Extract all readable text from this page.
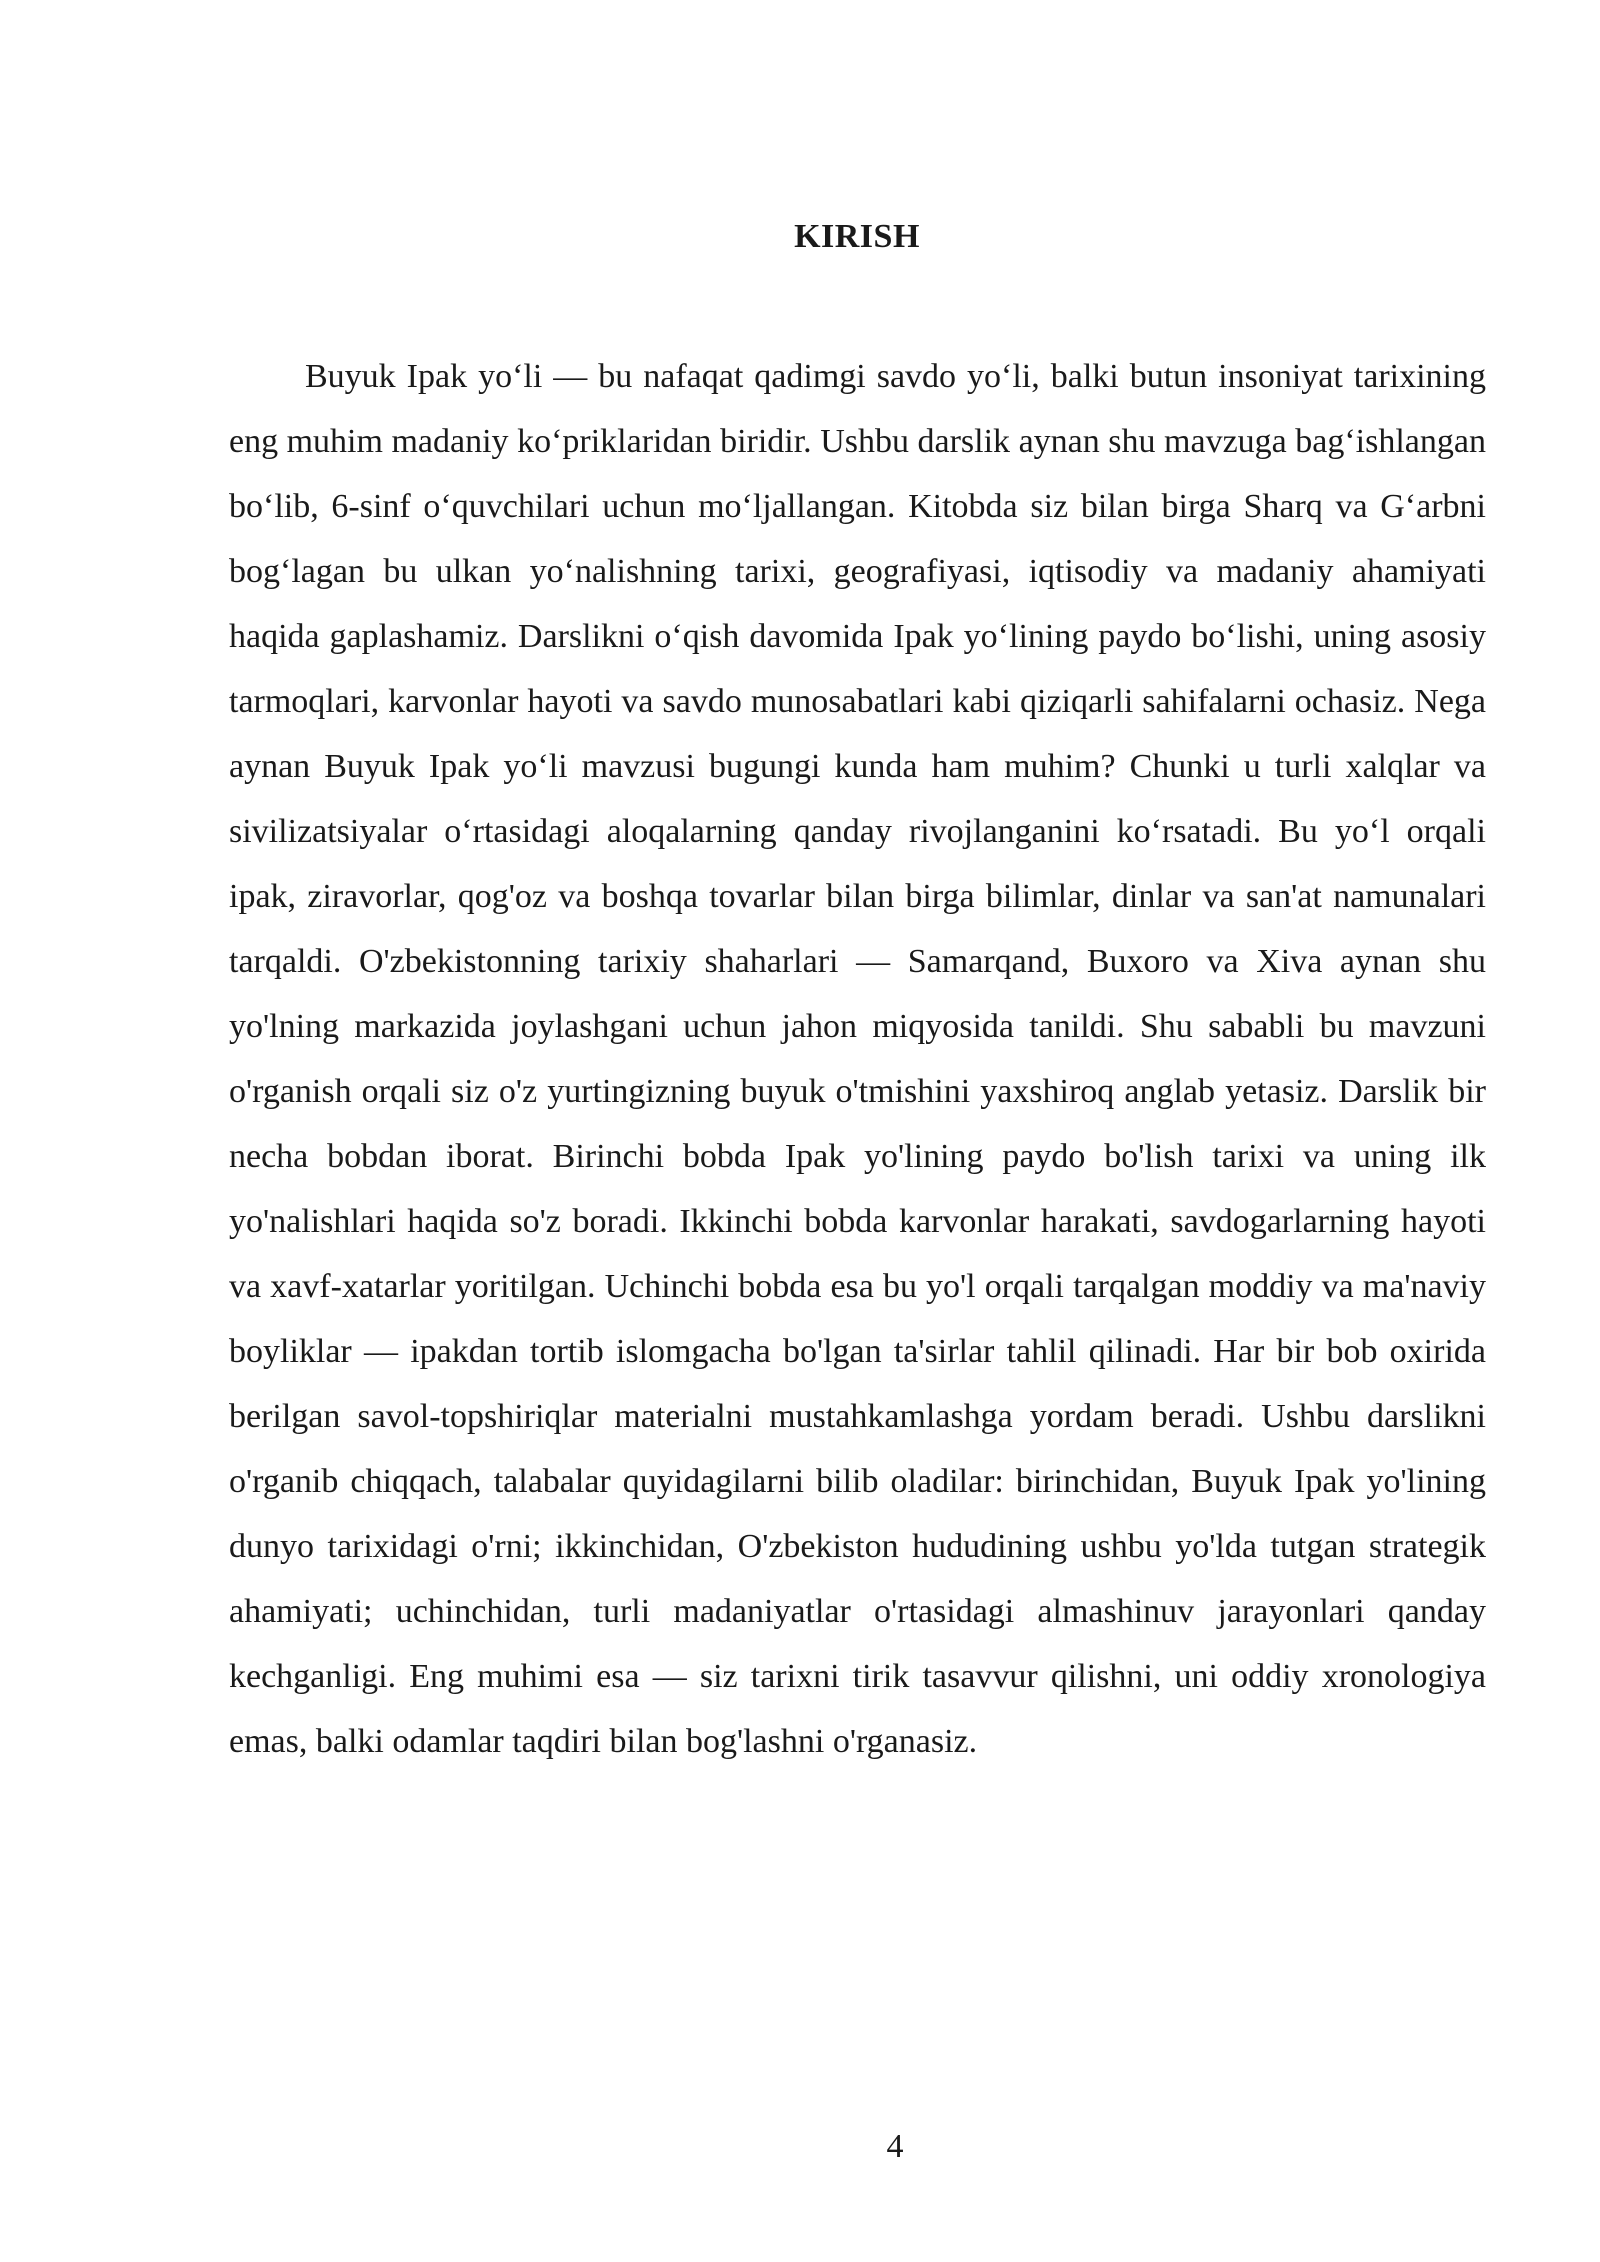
KIRISH

Buyuk Ipak yo‘li — bu nafaqat qadimgi savdo yo‘li, balki butun insoniyat tarixining eng muhim madaniy ko‘priklaridan biridir. Ushbu darslik aynan shu mavzuga bag‘ishlangan bo‘lib, 6-sinf o‘quvchilari uchun mo‘ljallangan. Kitobda siz bilan birga Sharq va G‘arbni bog‘lagan bu ulkan yo‘nalishning tarixi, geografiyasi, iqtisodiy va madaniy ahamiyati haqida gaplashamiz. Darslikni o‘qish davomida Ipak yo‘lining paydo bo‘lishi, uning asosiy tarmoqlari, karvonlar hayoti va savdo munosabatlari kabi qiziqarli sahifalarni ochasiz. Nega aynan Buyuk Ipak yo‘li mavzusi bugungi kunda ham muhim? Chunki u turli xalqlar va sivilizatsiyalar o‘rtasidagi aloqalarning qanday rivojlanganini ko‘rsatadi. Bu yo‘l orqali ipak, ziravorlar, qog'oz va boshqa tovarlar bilan birga bilimlar, dinlar va san'at namunalari tarqaldi. O'zbekistonning tarixiy shaharlari — Samarqand, Buxoro va Xiva aynan shu yo'lning markazida joylashgani uchun jahon miqyosida tanildi. Shu sababli bu mavzuni o'rganish orqali siz o'z yurtingizning buyuk o'tmishini yaxshiroq anglab yetasiz. Darslik bir necha bobdan iborat. Birinchi bobda Ipak yo'lining paydo bo'lish tarixi va uning ilk yo'nalishlari haqida so'z boradi. Ikkinchi bobda karvonlar harakati, savdogarlarning hayoti va xavf-xatarlar yoritilgan. Uchinchi bobda esa bu yo'l orqali tarqalgan moddiy va ma'naviy boyliklar — ipakdan tortib islomgacha bo'lgan ta'sirlar tahlil qilinadi. Har bir bob oxirida berilgan savol-topshiriqlar materialni mustahkamlashga yordam beradi. Ushbu darslikni o'rganib chiqqach, talabalar quyidagilarni bilib oladilar: birinchidan, Buyuk Ipak yo'lining dunyo tarixidagi o'rni; ikkinchidan, O'zbekiston hududining ushbu yo'lda tutgan strategik ahamiyati; uchinchidan, turli madaniyatlar o'rtasidagi almashinuv jarayonlari qanday kechganligi. Eng muhimi esa — siz tarixni tirik tasavvur qilishni, uni oddiy xronologiya emas, balki odamlar taqdiri bilan bog'lashni o'rganasiz.

4
